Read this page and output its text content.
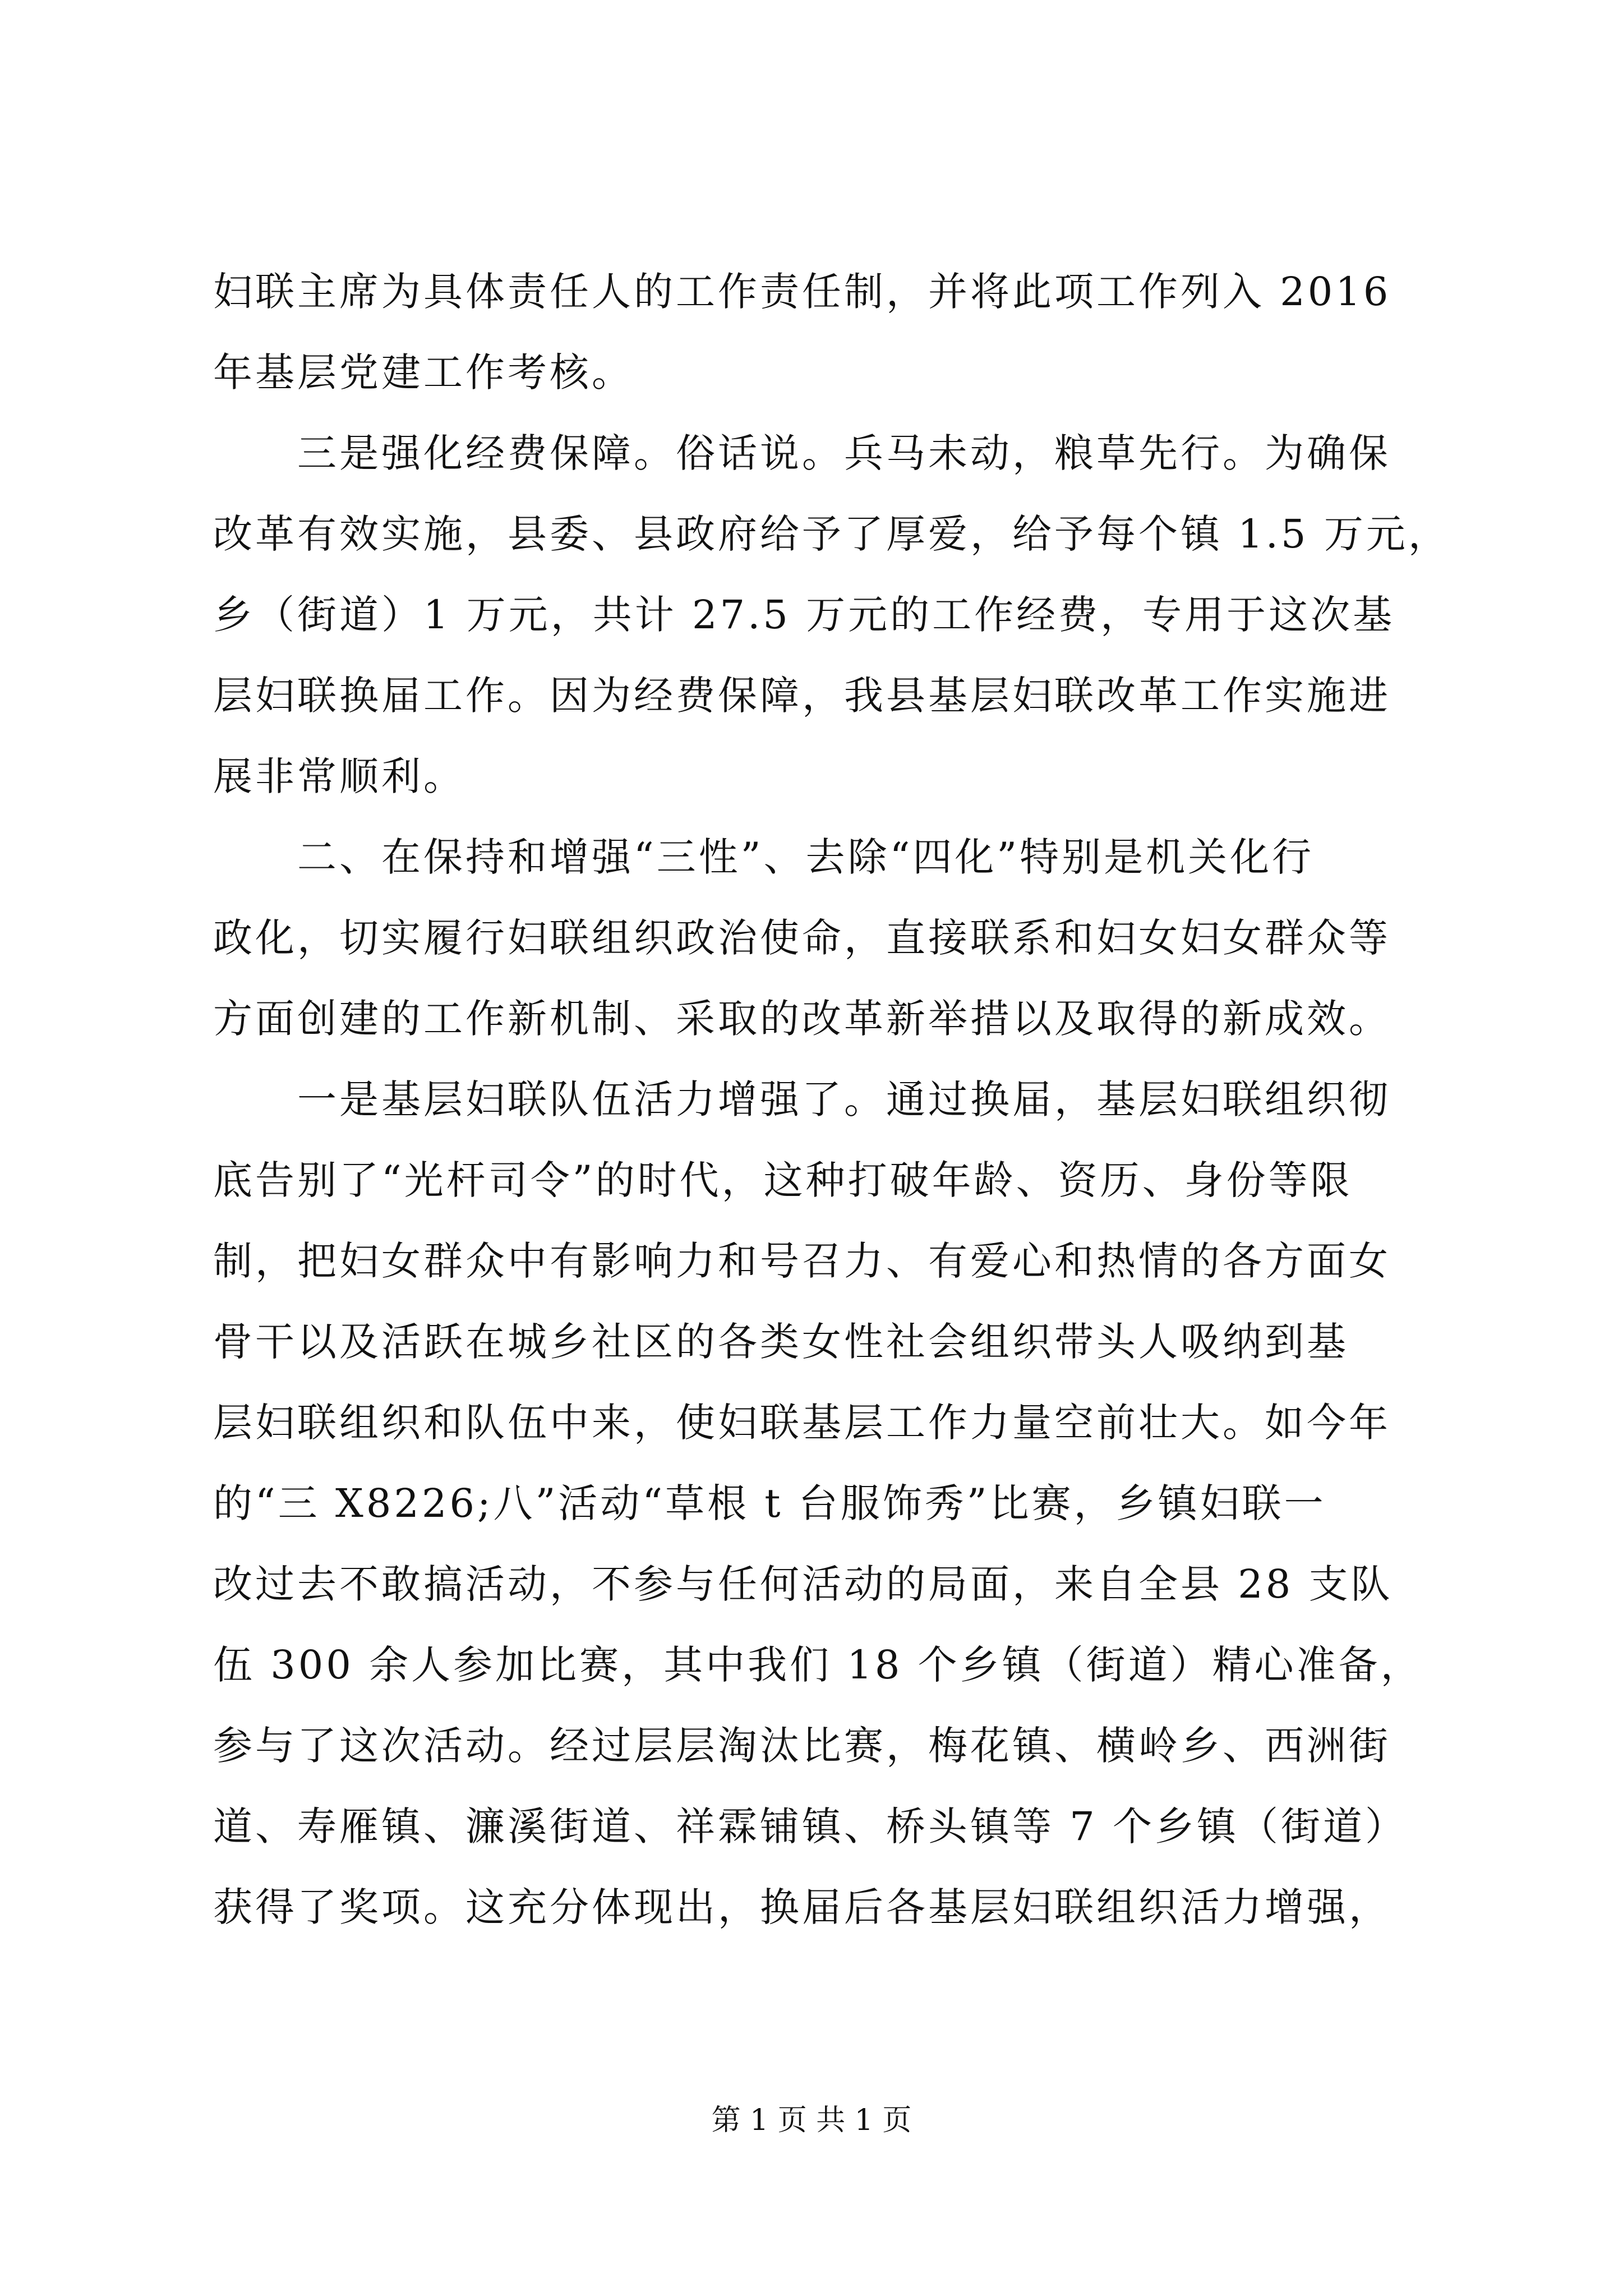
妇联主席为具体责任人的工作责任制，并将此项工作列入 2016
年基层党建工作考核。
　　三是强化经费保障。俗话说。兵马未动，粮草先行。为确保
改革有效实施，县委、县政府给予了厚爱，给予每个镇 1.5 万元，
乡（街道）1 万元，共计 27.5 万元的工作经费，专用于这次基
层妇联换届工作。因为经费保障，我县基层妇联改革工作实施进
展非常顺利。
　　二、在保持和增强“三性”、去除“四化”特别是机关化行
政化，切实履行妇联组织政治使命，直接联系和妇女妇女群众等
方面创建的工作新机制、采取的改革新举措以及取得的新成效。
　　一是基层妇联队伍活力增强了。通过换届，基层妇联组织彻
底告别了“光杆司令”的时代，这种打破年龄、资历、身份等限
制，把妇女群众中有影响力和号召力、有爱心和热情的各方面女
骨干以及活跃在城乡社区的各类女性社会组织带头人吸纳到基
层妇联组织和队伍中来，使妇联基层工作力量空前壮大。如今年
的“三 X8226;八”活动“草根 t 台服饰秀”比赛，乡镇妇联一
改过去不敢搞活动，不参与任何活动的局面，来自全县 28 支队
伍 300 余人参加比赛，其中我们 18 个乡镇（街道）精心准备，
参与了这次活动。经过层层淘汰比赛，梅花镇、横岭乡、西洲街
道、寿雁镇、濂溪街道、祥霖铺镇、桥头镇等 7 个乡镇（街道）
获得了奖项。这充分体现出，换届后各基层妇联组织活力增强，
第 1 页 共 1 页
